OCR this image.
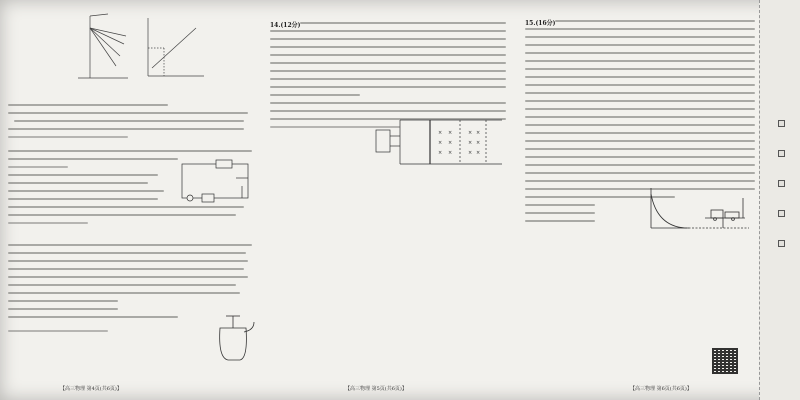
【高三物理 第4页(共6页)】
14.(12分)
× ×
× ×
× ×
× ×
× ×
× ×
【高三物理 第5页(共6页)】
15.(16分)
【高三物理 第6页(共6页)】
